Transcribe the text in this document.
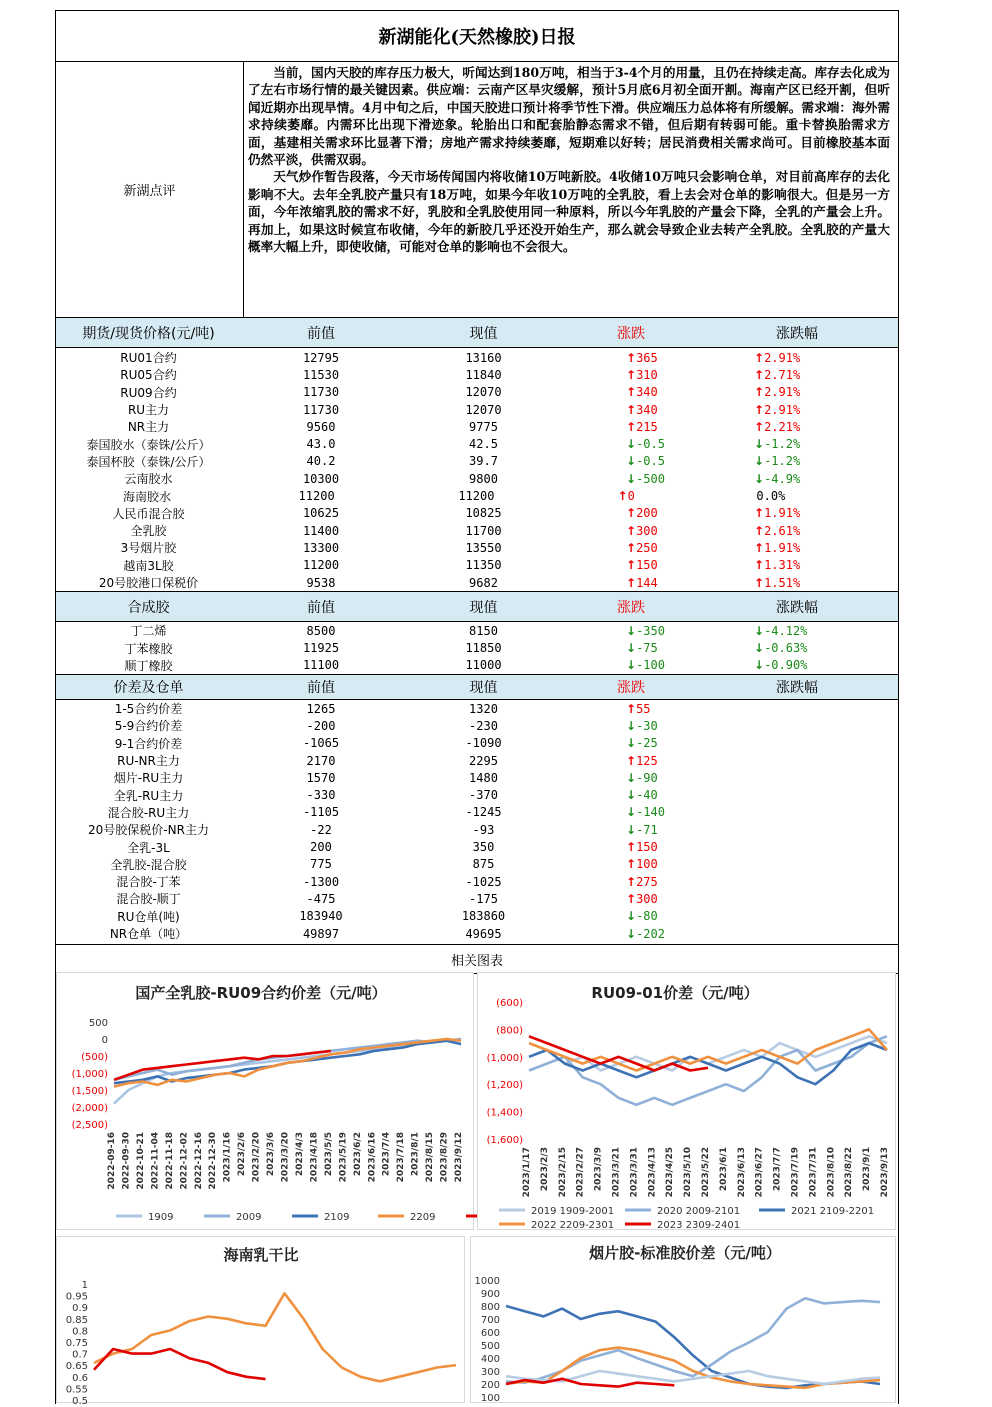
新湖能化(天然橡胶)日报
新湖点评

当前，国内天胶的库存压力极大，听闻达到180万吨，相当于3-4个月的用量，且仍在持续走高。库存去化成为了左右市场行情的最关键因素。供应端：云南产区旱灾缓解，预计5月底6月初全面开割。海南产区已经开割，但听闻近期亦出现旱情。4月中旬之后，中国天胶进口预计将季节性下滑。供应端压力总体将有所缓解。需求端：海外需求持续萎靡。内需环比出现下滑迹象。轮胎出口和配套胎静态需求不错，但后期有转弱可能。重卡替换胎需求方面，基建相关需求环比显著下滑；房地产需求持续萎靡，短期难以好转；居民消费相关需求尚可。目前橡胶基本面仍然平淡，供需双弱。

天气炒作暂告段落，今天市场传闻国内将收储10万吨新胶。4收储10万吨只会影响仓单，对目前高库存的去化影响不大。去年全乳胶产量只有18万吨，如果今年收10万吨的全乳胶，看上去会对仓单的影响很大。但是另一方面，今年浓缩乳胶的需求不好，乳胶和全乳胶使用同一种原料，所以今年乳胶的产量会下降，全乳的产量会上升。再加上，如果这时候宣布收储，今年的新胶几乎还没开始生产，那么就会导致企业去转产全乳胶。全乳胶的产量大概率大幅上升，即使收储，可能对仓单的影响也不会很大。

期货/现货价格(元/吨)	前值	现值	涨跌	涨跌幅
RU01合约	12795	13160	↑365	↑2.91%
RU05合约	11530	11840	↑310	↑2.71%
RU09合约	11730	12070	↑340	↑2.91%
RU主力	11730	12070	↑340	↑2.91%
NR主力	9560	9775	↑215	↑2.21%
泰国胶水（泰铢/公斤）	43.0	42.5	↓-0.5	↓-1.2%
泰国杯胶（泰铢/公斤）	40.2	39.7	↓-0.5	↓-1.2%
云南胶水	10300	9800	↓-500	↓-4.9%
海南胶水	11200	11200	↑0	0.0%
人民币混合胶	10625	10825	↑200	↑1.91%
全乳胶	11400	11700	↑300	↑2.61%
3号烟片胶	13300	13550	↑250	↑1.91%
越南3L胶	11200	11350	↑150	↑1.31%
20号胶港口保税价	9538	9682	↑144	↑1.51%
合成胶	前值	现值	涨跌	涨跌幅
丁二烯	8500	8150	↓-350	↓-4.12%
丁苯橡胶	11925	11850	↓-75	↓-0.63%
顺丁橡胶	11100	11000	↓-100	↓-0.90%
价差及仓单	前值	现值	涨跌	涨跌幅
1-5合约价差	1265	1320	↑55
5-9合约价差	-200	-230	↓-30
9-1合约价差	-1065	-1090	↓-25
RU-NR主力	2170	2295	↑125
烟片-RU主力	1570	1480	↓-90
全乳-RU主力	-330	-370	↓-40
混合胶-RU主力	-1105	-1245	↓-140
20号胶保税价-NR主力	-22	-93	↓-71
全乳-3L	200	350	↑150
全乳胶-混合胶	775	875	↑100
混合胶-丁苯	-1300	-1025	↑275
混合胶-顺丁	-475	-175	↑300
RU仓单(吨)	183940	183860	↓-80
NR仓单（吨）	49897	49695	↓-202
相关图表
国产全乳胶-RU09合约价差（元/吨）
500
0
(500)
(1,000)
(1,500)
(2,000)
(2,500)
2022-09-16 2022-09-30 2022-10-21 2022-11-04 2022-11-18 2022-12-02 2022-12-16 2022-12-30 2023/1/16 2023/2/6 2023/2/20 2023/3/6 2023/3/20 2023/4/3 2023/4/18 2023/5/5 2023/5/19 2023/6/2 2023/6/16 2023/7/4 2023/7/18 2023/8/1 2023/8/15 2023/8/29 2023/9/12
1909	2009	2109	2209
RU09-01价差（元/吨）
(600)
(800)
(1,000)
(1,200)
(1,400)
(1,600)
2023/1/17 2023/2/3 2023/2/15 2023/2/27 2023/3/9 2023/3/21 2023/3/31 2023/4/13 2023/4/25 2023/5/10 2023/5/22 2023/6/1 2023/6/13 2023/6/27 2023/7/7 2023/7/19 2023/7/31 2023/8/10 2023/8/22 2023/9/1 2023/9/13
2019 1909-2001	2020 2009-2101	2021 2109-2201
2022 2209-2301	2023 2309-2401
海南乳干比
1
0.95
0.9
0.85
0.8
0.75
0.7
0.65
0.6
0.55
0.5
烟片胶-标准胶价差（元/吨）
1000
900
800
700
600
500
400
300
200
100
